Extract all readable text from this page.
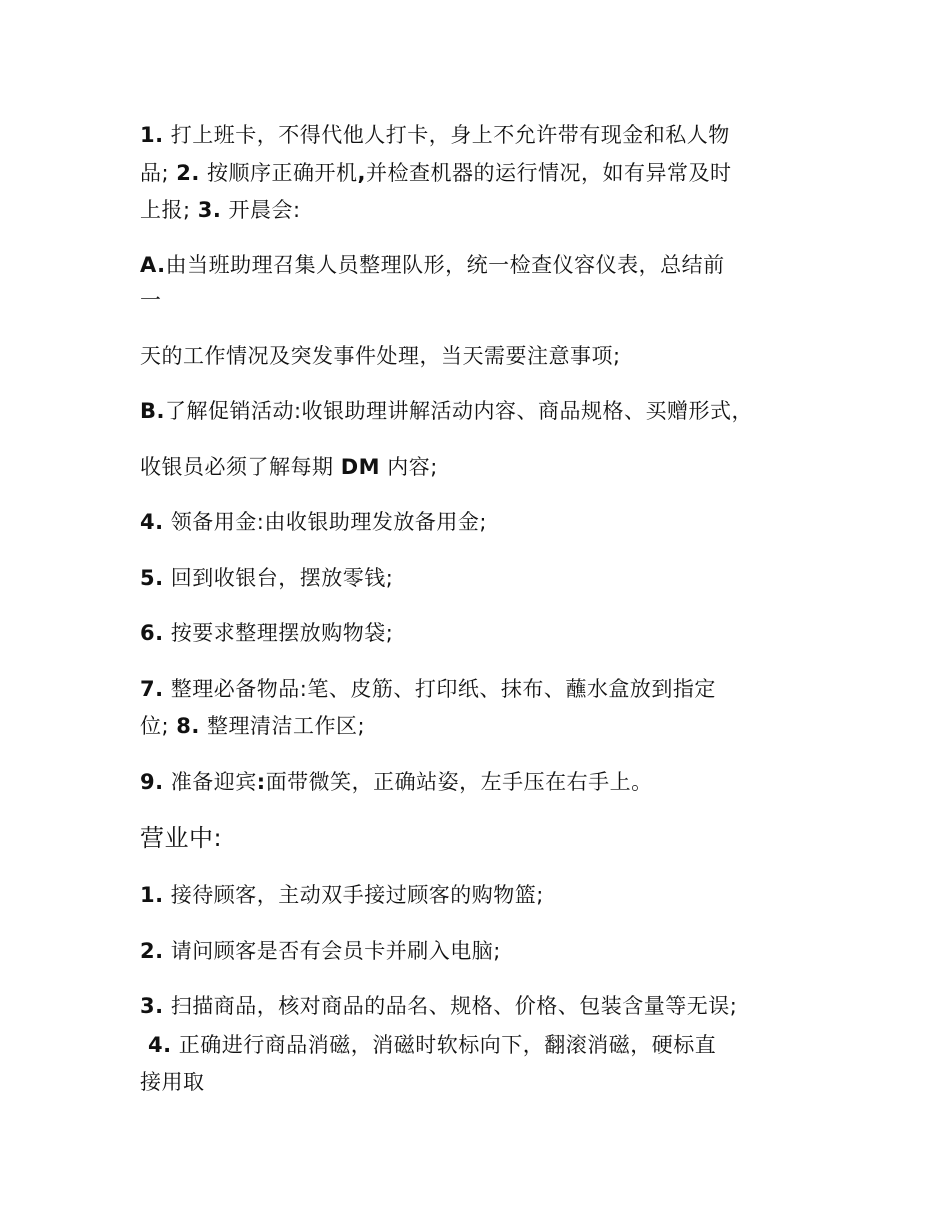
1. 打上班卡，不得代他人打卡，身上不允许带有现金和私人物
品; 2. 按顺序正确开机,并检查机器的运行情况，如有异常及时
上报; 3. 开晨会:
A.由当班助理召集人员整理队形，统一检查仪容仪表，总结前
一
天的工作情况及突发事件处理，当天需要注意事项;
B.了解促销活动:收银助理讲解活动内容、商品规格、买赠形式，
收银员必须了解每期 DM 内容;
4. 领备用金:由收银助理发放备用金;
5. 回到收银台，摆放零钱;
6. 按要求整理摆放购物袋;
7. 整理必备物品:笔、皮筋、打印纸、抹布、蘸水盒放到指定
位; 8. 整理清洁工作区;
9. 准备迎宾:面带微笑，正确站姿，左手压在右手上。
营业中:
1. 接待顾客，主动双手接过顾客的购物篮;
2. 请问顾客是否有会员卡并刷入电脑;
3. 扫描商品，核对商品的品名、规格、价格、包装含量等无误;
4. 正确进行商品消磁，消磁时软标向下，翻滚消磁，硬标直
接用取
